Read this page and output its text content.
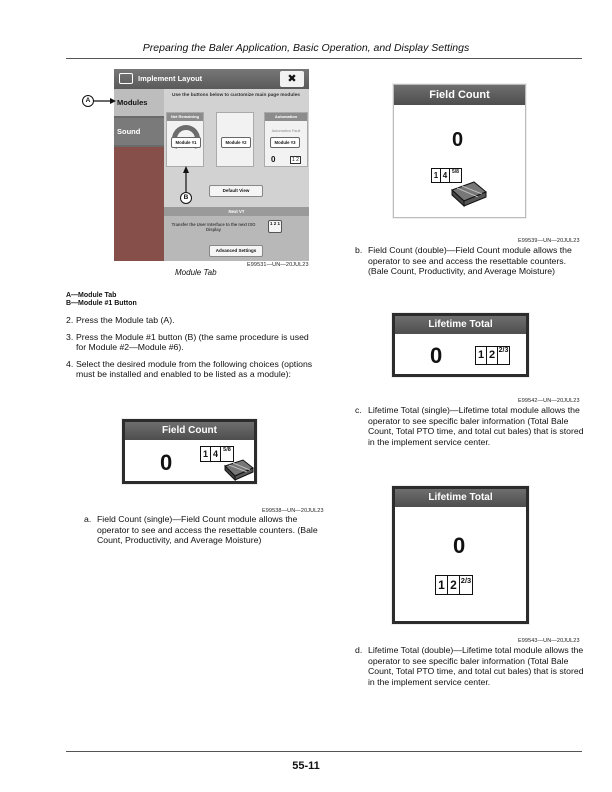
Preparing the Baler Application, Basic Operation, and Display Settings
Implement Layout	✖
Modules
Sound
Use the buttons below to customize main page modules
Net Remaining
Module #1	Module #2
Automation
Automation Fault
Module #3
0	1 2
Default View
Next VT
Transfer the User Interface to the next ISO Display
1 2 1
Advanced Settings
A
B
E99531—UN—20JUL23
Module Tab
A—Module Tab
B—Module #1 Button
2. Press the Module tab (A).
3. Press the Module #1 button (B) (the same procedure is used for Module #2—Module #6).
4. Select the desired module from the following choices (options must be installed and enabled to be listed as a module):
Field Count
0	1 4 5/8
E99538—UN—20JUL23
a. Field Count (single)—Field Count module allows the operator to see and access the resettable counters. (Bale Count, Productivity, and Average Moisture)
Field Count
0
1 4 5/8
E99539—UN—20JUL23
b. Field Count (double)—Field Count module allows the operator to see and access the resettable counters. (Bale Count, Productivity, and Average Moisture)
Lifetime Total
0	1 2 2/3
E99542—UN—20JUL23
c. Lifetime Total (single)—Lifetime total module allows the operator to see specific baler information (Total Bale Count, Total PTO time, and total cut bales) that is stored in the implement service center.
Lifetime Total
0
1 2 2/3
E99543—UN—20JUL23
d. Lifetime Total (double)—Lifetime total module allows the operator to see specific baler information (Total Bale Count, Total PTO time, and total cut bales) that is stored in the implement service center.
55-11
